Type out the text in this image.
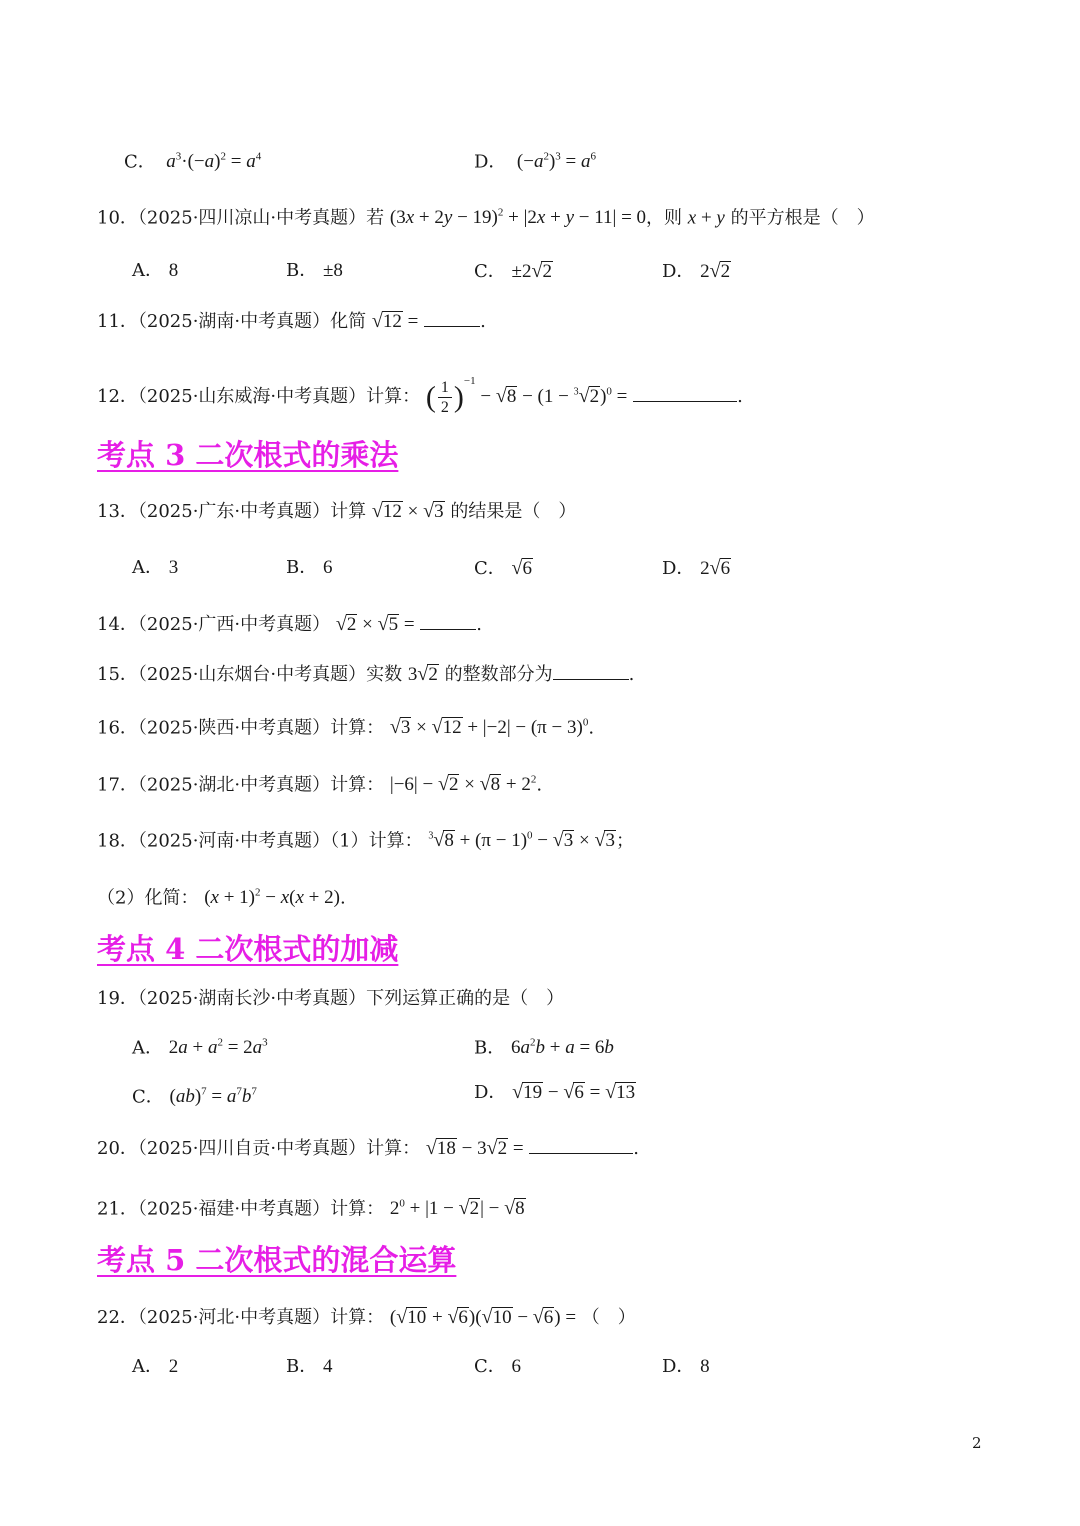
C． $a^3\cdot(-a)^2 = a^4$	D．  $(-a^2)^3 = a^6$
10．（2025·四川凉山·中考真题）若 $(3x + 2y - 19)^2 + |2x + y - 11| = 0$，则 x + y 的平方根是（　）
A． 8	B． ±8	C． ±2√2	D． 2√2
11．（2025·湖南·中考真题）化简 √12 =	.
12．（2025·山东威海·中考真题）计算： ( $\frac{1}{2} )^{-1} - √8 - (1 - ^3√2)^0$ =	.
考点 3 二次根式的乘法
13．（2025·广东·中考真题）计算 √12 × √3 的结果是（　）
A． 3	B． 6	C． √6	D． 2√6
14．（2025·广西·中考真题） √2 × √5 =	.
15．（2025·山东烟台·中考真题）实数 3√2 的整数部分为	.
16．（2025·陕西·中考真题）计算： $√3 \times √12 + |-2| - (\pi - 3)^0$.
17．（2025·湖北·中考真题）计算： $|-6| - √2 \times √8 + 2^2$.
18．（2025·河南·中考真题）（1）计算： $^3√8 + (\pi - 1)^0 - √3 \times √3$；
（2）化简： $(x + 1)^2 - x(x + 2)$.
考点 4 二次根式的加减
19．（2025·湖南长沙·中考真题）下列运算正确的是（　）
A． $2a + a^2 = 2a^3$	B． $6a^2b + a = 6b$
C． $(ab)^7 = a^7b^7$	D． √19 − √6 = √13
20．（2025·四川自贡·中考真题）计算： √18 − 3√2 =	.
21．（2025·福建·中考真题）计算： $2^0 + |1 - √2| - √8$
考点 5 二次根式的混合运算
22．（2025·河北·中考真题）计算： (√10 + √6)(√10 − √6) = （　）
A． 2	B． 4	C． 6	D． 8
2
